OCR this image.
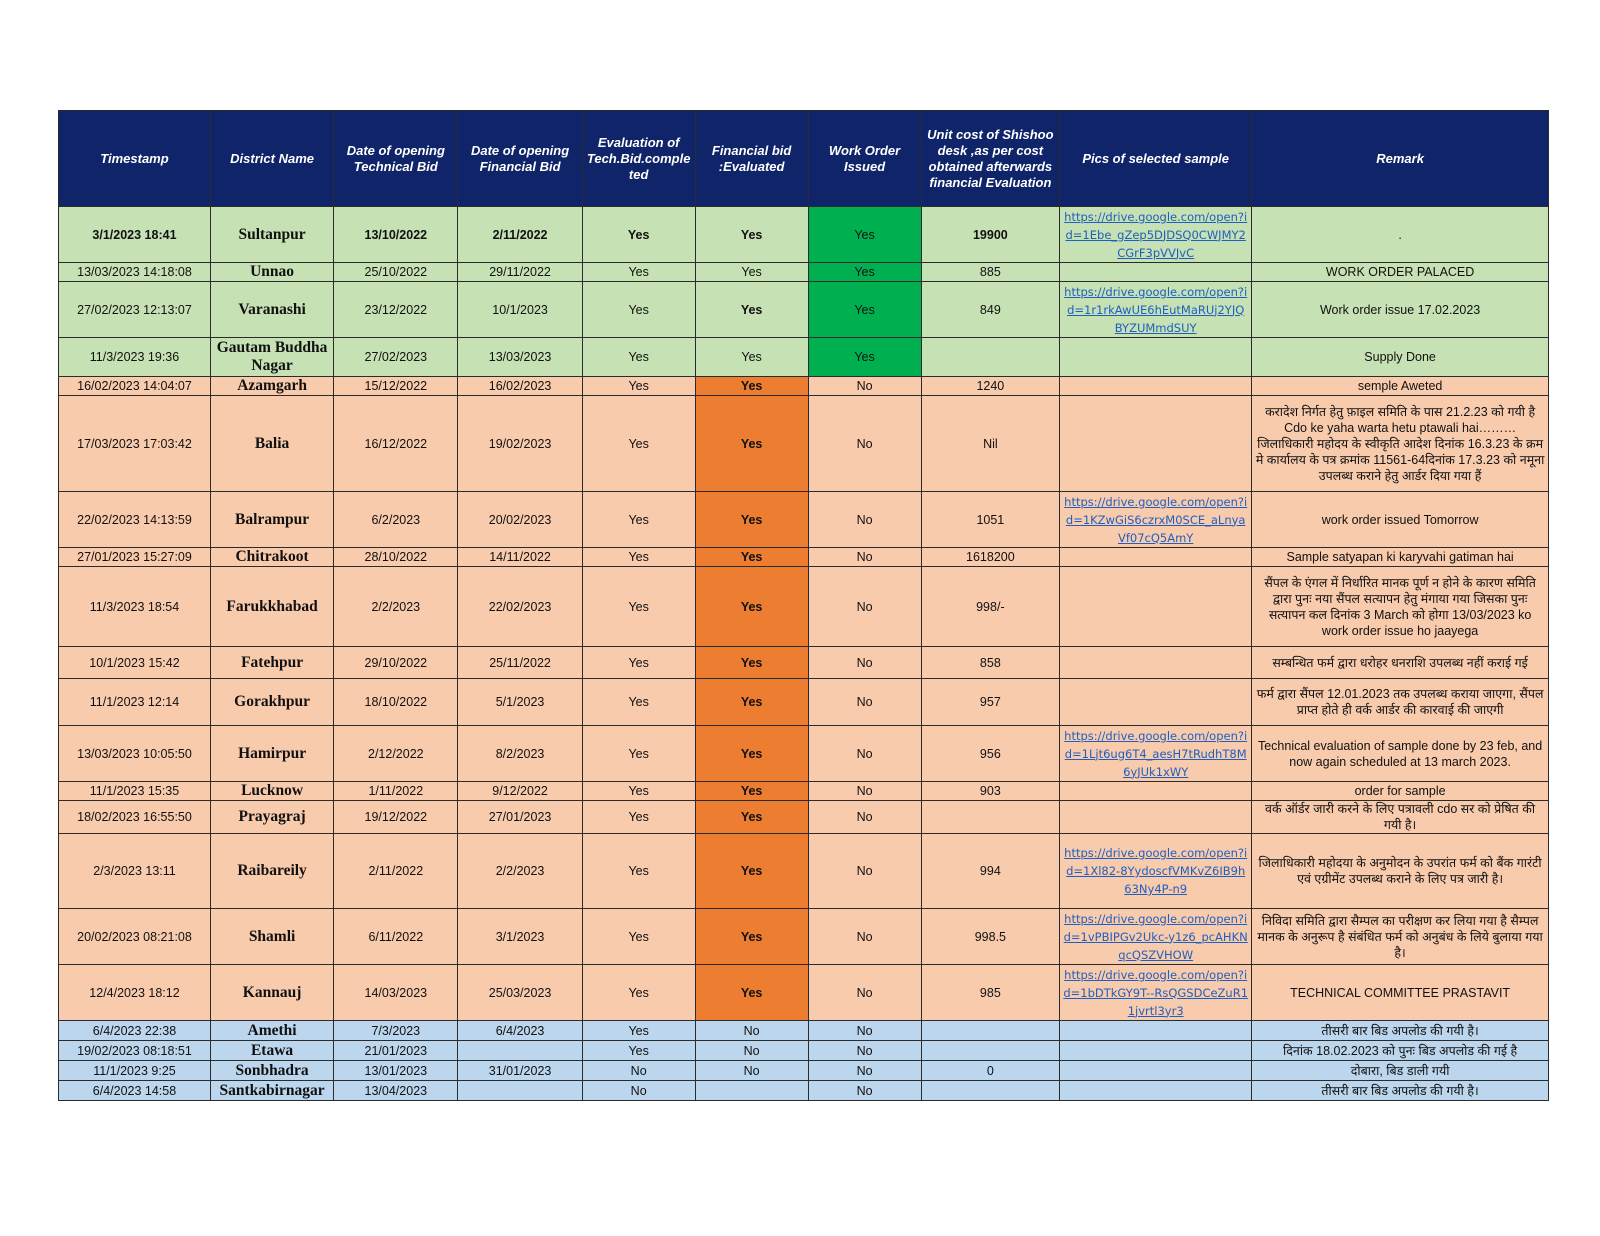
Timestamp	District Name	Date of opening Technical Bid	Date of opening Financial Bid	Evaluation of Tech.Bid.comple ted	Financial bid :Evaluated	Work Order Issued	Unit cost of Shishoo desk ,as per cost obtained afterwards financial Evaluation	Pics of selected sample	Remark
3/1/2023 18:41	Sultanpur	13/10/2022	2/11/2022	Yes	Yes	Yes	19900	https://drive.google.com/open?id=1Ebe_gZep5DJDSQ0CWJMY2CGrF3pVVJvC	.
13/03/2023 14:18:08	Unnao	25/10/2022	29/11/2022	Yes	Yes	Yes	885		WORK ORDER PALACED
27/02/2023 12:13:07	Varanashi	23/12/2022	10/1/2023	Yes	Yes	Yes	849	https://drive.google.com/open?id=1r1rkAwUE6hEutMaRUj2YJQBYZUMmdSUY	Work order issue 17.02.2023
11/3/2023 19:36	Gautam Buddha Nagar	27/02/2023	13/03/2023	Yes	Yes	Yes			Supply Done
16/02/2023 14:04:07	Azamgarh	15/12/2022	16/02/2023	Yes	Yes	No	1240		semple Aweted
17/03/2023 17:03:42	Balia	16/12/2022	19/02/2023	Yes	Yes	No	Nil		करादेश निर्गत हेतु फ़ाइल समिति के पास 21.2.23 को गयी है Cdo ke yaha warta hetu ptawali hai……… जिलाधिकारी महोदय के स्वीकृति आदेश दिनांक 16.3.23 के क्रम मे कार्यालय के पत्र क्रमांक 11561-64दिनांक 17.3.23 को नमूना उपलब्ध कराने हेतु आर्डर दिया गया हैं
22/02/2023 14:13:59	Balrampur	6/2/2023	20/02/2023	Yes	Yes	No	1051	https://drive.google.com/open?id=1KZwGiS6czrxM0SCE_aLnyaVf07cQ5AmY	work order issued Tomorrow
27/01/2023 15:27:09	Chitrakoot	28/10/2022	14/11/2022	Yes	Yes	No	1618200		Sample satyapan ki karyvahi gatiman hai
11/3/2023 18:54	Farukkhabad	2/2/2023	22/02/2023	Yes	Yes	No	998/-		सैंपल के एंगल में निर्धारित मानक पूर्ण न होने के कारण समिति द्वारा पुनः नया सैंपल सत्यापन हेतु मंगाया गया जिसका पुनः सत्यापन कल दिनांक 3 March को होगा 13/03/2023 ko work order issue ho jaayega
10/1/2023 15:42	Fatehpur	29/10/2022	25/11/2022	Yes	Yes	No	858		सम्बन्धित फर्म द्वारा धरोहर धनराशि उपलब्ध नहीं कराई गई
11/1/2023 12:14	Gorakhpur	18/10/2022	5/1/2023	Yes	Yes	No	957		फर्म द्वारा सैंपल 12.01.2023 तक उपलब्ध कराया जाएगा, सैंपल प्राप्त होते ही वर्क आर्डर की कारवाई की जाएगी
13/03/2023 10:05:50	Hamirpur	2/12/2022	8/2/2023	Yes	Yes	No	956	https://drive.google.com/open?id=1Ljt6ug6T4_aesH7tRudhT8M6yJUk1xWY	Technical evaluation of sample done by 23 feb, and now again scheduled at 13 march 2023.
11/1/2023 15:35	Lucknow	1/11/2022	9/12/2022	Yes	Yes	No	903		order for sample
18/02/2023 16:55:50	Prayagraj	19/12/2022	27/01/2023	Yes	Yes	No			वर्क ऑर्डर जारी करने के लिए पत्रावली cdo सर को प्रेषित की गयी है।
2/3/2023 13:11	Raibareily	2/11/2022	2/2/2023	Yes	Yes	No	994	https://drive.google.com/open?id=1Xl82-8YydoscfVMKvZ6IB9h63Ny4P-n9	जिलाधिकारी महोदया के अनुमोदन के उपरांत फर्म को बैंक गारंटी एवं एग्रीमेंट उपलब्ध कराने के लिए पत्र जारी है।
20/02/2023 08:21:08	Shamli	6/11/2022	3/1/2023	Yes	Yes	No	998.5	https://drive.google.com/open?id=1vPBIPGv2Ukc-y1z6_pcAHKNqcQSZVHOW	निविदा समिति द्वारा सैम्पल का परीक्षण कर लिया गया है सैम्पल मानक के अनुरूप है संबंधित फर्म को अनुबंध के लिये बुलाया गया है।
12/4/2023 18:12	Kannauj	14/03/2023	25/03/2023	Yes	Yes	No	985	https://drive.google.com/open?id=1bDTkGY9T--RsQGSDCeZuR11jvrtl3yr3	TECHNICAL COMMITTEE PRASTAVIT
6/4/2023 22:38	Amethi	7/3/2023	6/4/2023	Yes	No	No			तीसरी बार बिड अपलोड की गयी है।
19/02/2023 08:18:51	Etawa	21/01/2023		Yes	No	No			दिनांक 18.02.2023 को पुनः बिड अपलोड की गई है
11/1/2023 9:25	Sonbhadra	13/01/2023	31/01/2023	No	No	No	0		दोबारा, बिड डाली गयी
6/4/2023 14:58	Santkabirnagar	13/04/2023		No		No			तीसरी बार बिड अपलोड की गयी है।
